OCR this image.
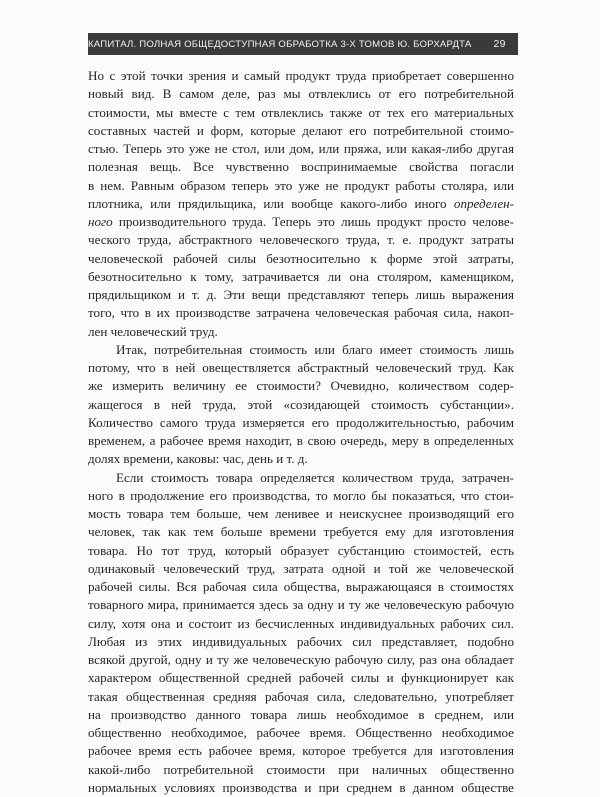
КАПИТАЛ. ПОЛНАЯ ОБЩЕДОСТУПНАЯ ОБРАБОТКА 3-Х ТОМОВ Ю. БОРХАРДТА	29
Но с этой точки зрения и самый продукт труда приобретает совершенно
новый вид. В самом деле, раз мы отвлеклись от его потребительной
стоимости, мы вместе с тем отвлеклись также от тех его материальных
составных частей и форм, которые делают его потребительной стоимо-
стью. Теперь это уже не стол, или дом, или пряжа, или какая-либо другая
полезная вещь. Все чувственно воспринимаемые свойства погасли
в нем. Равным образом теперь это уже не продукт работы столяра, или
плотника, или прядильщика, или вообще какого-либо иного определен-
ного производительного труда. Теперь это лишь продукт просто челове-
ческого труда, абстрактного человеческого труда, т. е. продукт затраты
человеческой рабочей силы безотносительно к форме этой затраты,
безотносительно к тому, затрачивается ли она столяром, каменщиком,
прядильщиком и т. д. Эти вещи представляют теперь лишь выражения
того, что в их производстве затрачена человеческая рабочая сила, накоп-
лен человеческий труд.
Итак, потребительная стоимость или благо имеет стоимость лишь
потому, что в ней овеществляется абстрактный человеческий труд. Как
же измерить величину ее стоимости? Очевидно, количеством содер-
жащегося в ней труда, этой «созидающей стоимость субстанции».
Количество самого труда измеряется его продолжительностью, рабочим
временем, а рабочее время находит, в свою очередь, меру в определенных
долях времени, каковы: час, день и т. д.
Если стоимость товара определяется количеством труда, затрачен-
ного в продолжение его производства, то могло бы показаться, что стои-
мость товара тем больше, чем ленивее и неискуснее производящий его
человек, так как тем больше времени требуется ему для изготовления
товара. Но тот труд, который образует субстанцию стоимостей, есть
одинаковый человеческий труд, затрата одной и той же человеческой
рабочей силы. Вся рабочая сила общества, выражающаяся в стоимостях
товарного мира, принимается здесь за одну и ту же человеческую рабочую
силу, хотя она и состоит из бесчисленных индивидуальных рабочих сил.
Любая из этих индивидуальных рабочих сил представляет, подобно
всякой другой, одну и ту же человеческую рабочую силу, раз она обладает
характером общественной средней рабочей силы и функционирует как
такая общественная средняя рабочая сила, следовательно, употребляет
на производство данного товара лишь необходимое в среднем, или
общественно необходимое, рабочее время. Общественно необходимое
рабочее время есть рабочее время, которое требуется для изготовления
какой-либо потребительной стоимости при наличных общественно
нормальных условиях производства и при среднем в данном обществе
